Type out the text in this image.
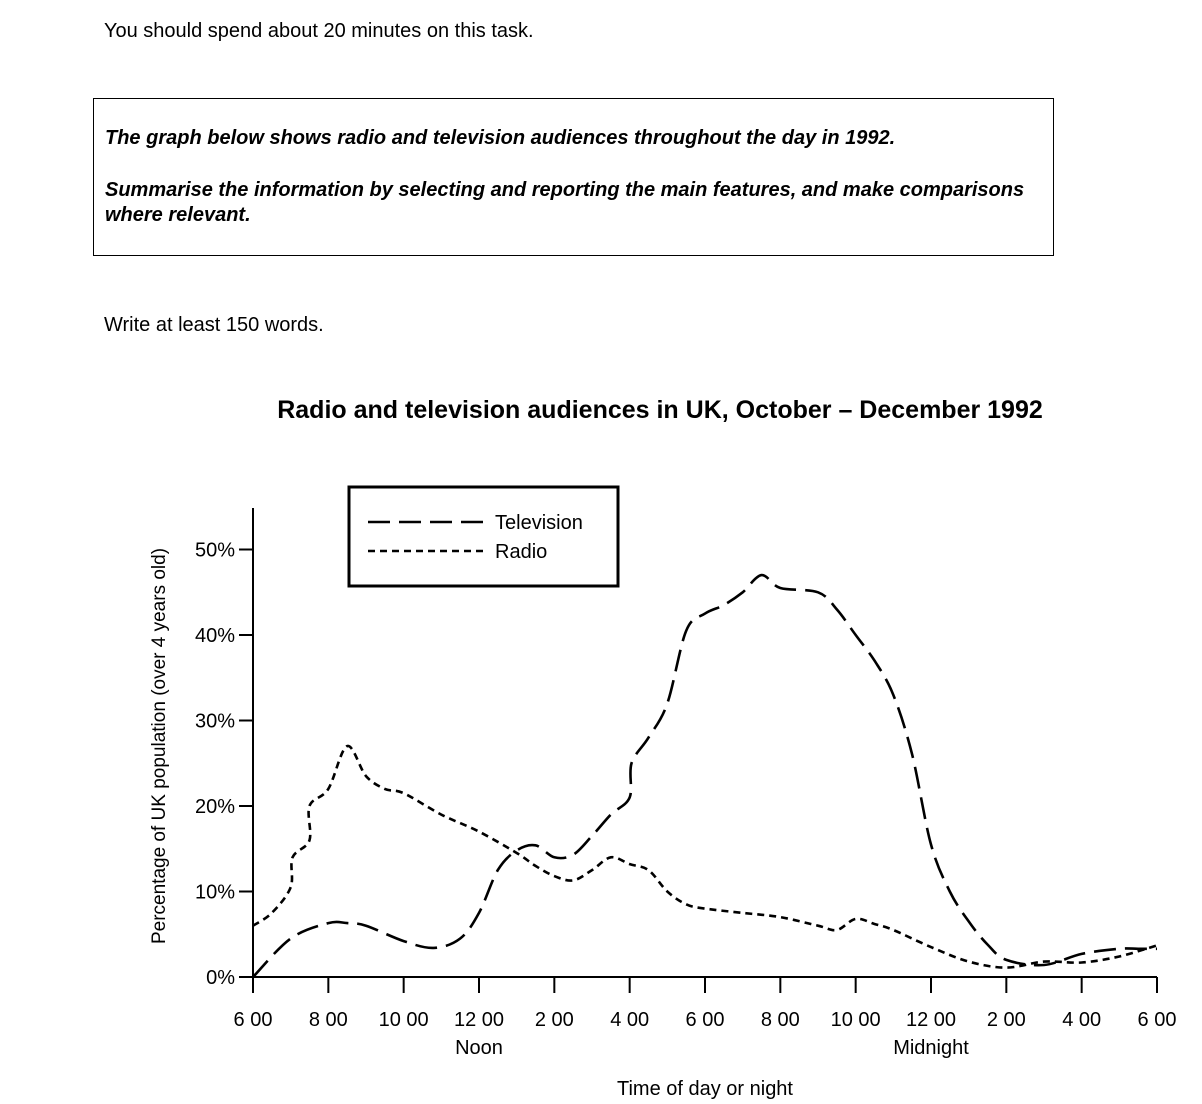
You should spend about 20 minutes on this task.

The graph below shows radio and television audiences throughout the day in 1992.

Summarise the information by selecting and reporting the main features, and make comparisons where relevant.

Write at least 150 words.
Radio and television audiences in UK, October – December 1992
Percentage of UK population (over 4 years old)
Time of day or night
0%
10%
20%
30%
40%
50%
6 00 8 00 10 00 12 00 2 00 4 00 6 00 8 00 10 00 12 00 2 00 4 00 6 00
Noon	Midnight
Television
Radio
